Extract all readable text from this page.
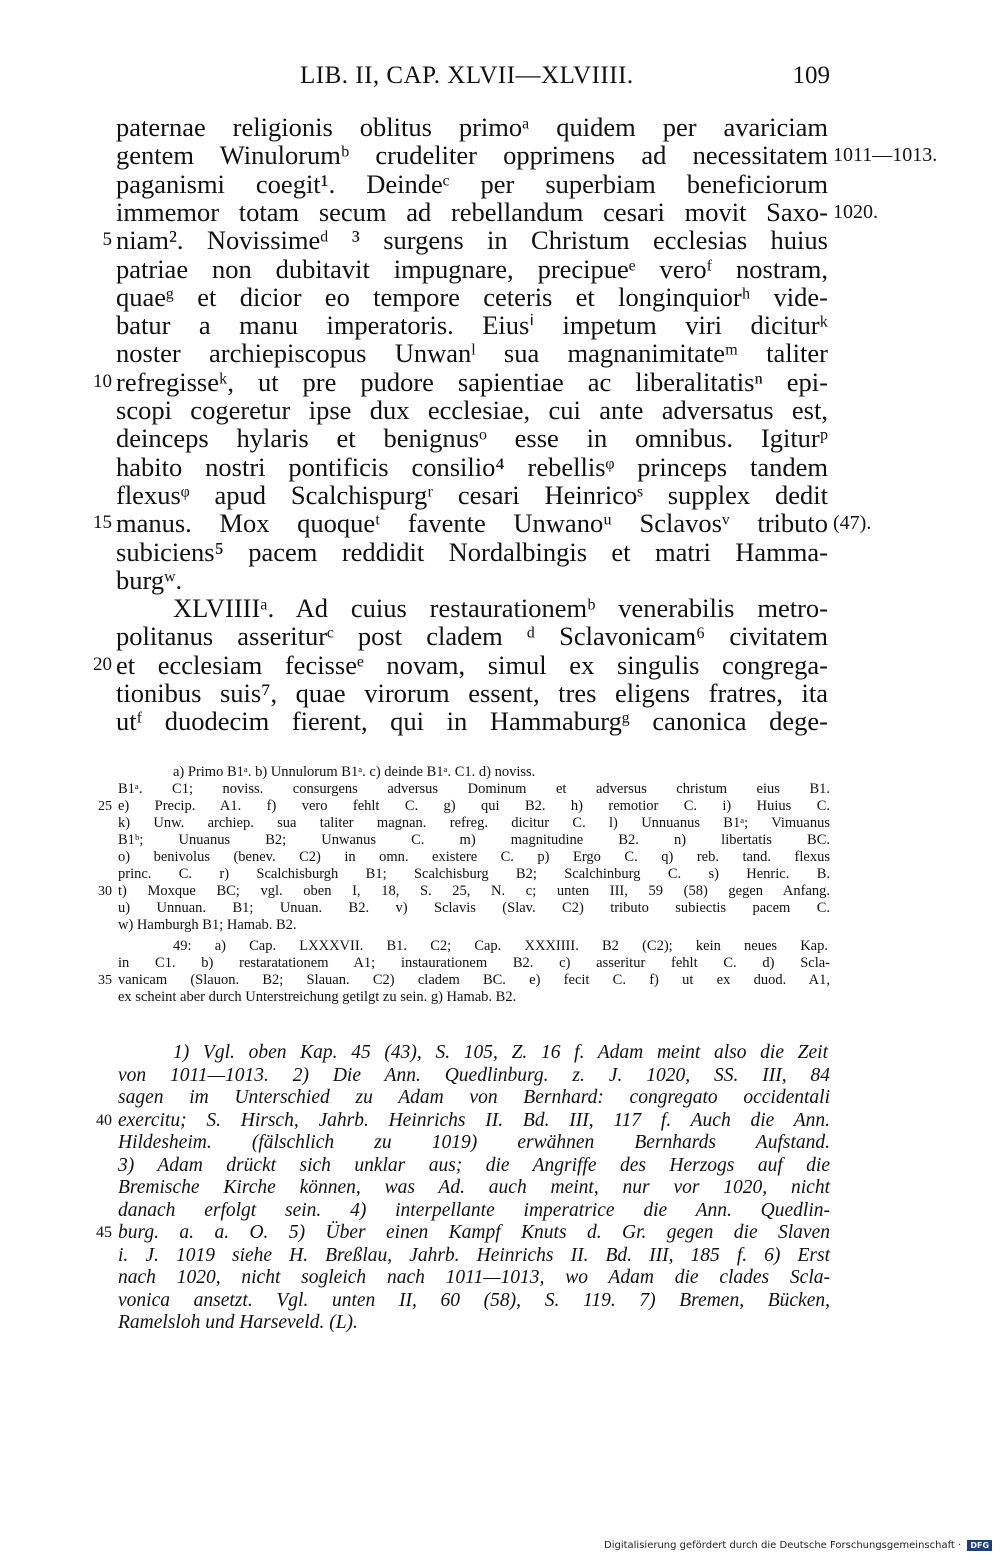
LIB. II, CAP. XLVII—XLVIIII.	109
paternae religionis oblitus primoᵃ quidem per avariciam
gentem Winulorumᵇ crudeliter opprimens ad necessitatem
paganismi coegit¹. Deindeᶜ per superbiam beneficiorum
immemor totam secum ad rebellandum cesari movit Saxo-
niam². Novissimeᵈ ³ surgens in Christum ecclesias huius
patriae non dubitavit impugnare, precipueᵉ veroᶠ nostram,
quaeᵍ et dicior eo tempore ceteris et longinquiorʰ vide-
batur a manu imperatoris. Eiusⁱ impetum viri diciturᵏ
noster archiepiscopus Unwanˡ sua magnanimitateᵐ taliter
refregisseᵏ, ut pre pudore sapientiae ac liberalitatisⁿ epi-
scopi cogeretur ipse dux ecclesiae, cui ante adversatus est,
deinceps hylaris et benignusᵒ esse in omnibus. Igiturᵖ
habito nostri pontificis consilio⁴ rebellisᵠ princeps tandem
flexusᵠ apud Scalchispurgʳ cesari Heinricoˢ supplex dedit
manus. Mox quoqueᵗ favente Unwanoᵘ Sclavosᵛ tributo
subiciens⁵ pacem reddidit Nordalbingis et matri Hamma-
burgʷ.
XLVIIIIᵃ. Ad cuius restaurationemᵇ venerabilis metro-
politanus asseriturᶜ post cladem ᵈ Sclavonicam⁶ civitatem
et ecclesiam fecisseᵉ novam, simul ex singulis congrega-
tionibus suis⁷, quae virorum essent, tres eligens fratres, ita
utᶠ duodecim fierent, qui in Hammaburgᵍ canonica dege-
5
10
15
20
1011—1013.
1020.
(47).
a) Primo B1ᵃ. b) Unnulorum B1ᵃ. c) deinde B1ᵃ. C1. d) noviss.
B1ᵃ. C1; noviss. consurgens adversus Dominum et adversus christum eius B1.
e) Precip. A1. f) vero fehlt C. g) qui B2. h) remotior C. i) Huius C.
k) Unw. archiep. sua taliter magnan. refreg. dicitur C. l) Unnuanus B1ᵃ; Vimuanus
B1ᵇ; Unuanus B2; Unwanus C. m) magnitudine B2. n) libertatis BC.
o) benivolus (benev. C2) in omn. existere C. p) Ergo C. q) reb. tand. flexus
princ. C. r) Scalchisburgh B1; Scalchisburg B2; Scalchinburg C. s) Henric. B.
t) Moxque BC; vgl. oben I, 18, S. 25, N. c; unten III, 59 (58) gegen Anfang.
u) Unnuan. B1; Unuan. B2. v) Sclavis (Slav. C2) tributo subiectis pacem C.
w) Hamburgh B1; Hamab. B2.
49: a) Cap. LXXXVII. B1. C2; Cap. XXXIIII. B2 (C2); kein neues Kap.
in C1. b) restaratationem A1; instaurationem B2. c) asseritur fehlt C. d) Scla-
vanicam (Slauon. B2; Slauan. C2) cladem BC. e) fecit C. f) ut ex duod. A1,
ex scheint aber durch Unterstreichung getilgt zu sein. g) Hamab. B2.
25
30
35
1) Vgl. oben Kap. 45 (43), S. 105, Z. 16 f. Adam meint also die Zeit
von 1011—1013. 2) Die Ann. Quedlinburg. z. J. 1020, SS. III, 84
sagen im Unterschied zu Adam von Bernhard: congregato occidentali
exercitu; S. Hirsch, Jahrb. Heinrichs II. Bd. III, 117 f. Auch die Ann.
Hildesheim. (fälschlich zu 1019) erwähnen Bernhards Aufstand.
3) Adam drückt sich unklar aus; die Angriffe des Herzogs auf die
Bremische Kirche können, was Ad. auch meint, nur vor 1020, nicht
danach erfolgt sein. 4) interpellante imperatrice die Ann. Quedlin-
burg. a. a. O. 5) Über einen Kampf Knuts d. Gr. gegen die Slaven
i. J. 1019 siehe H. Breßlau, Jahrb. Heinrichs II. Bd. III, 185 f. 6) Erst
nach 1020, nicht sogleich nach 1011—1013, wo Adam die clades Scla-
vonica ansetzt. Vgl. unten II, 60 (58), S. 119. 7) Bremen, Bücken,
Ramelsloh und Harseveld. (L).
40
45
Digitalisierung gefördert durch die Deutsche Forschungsgemeinschaft · DFG
